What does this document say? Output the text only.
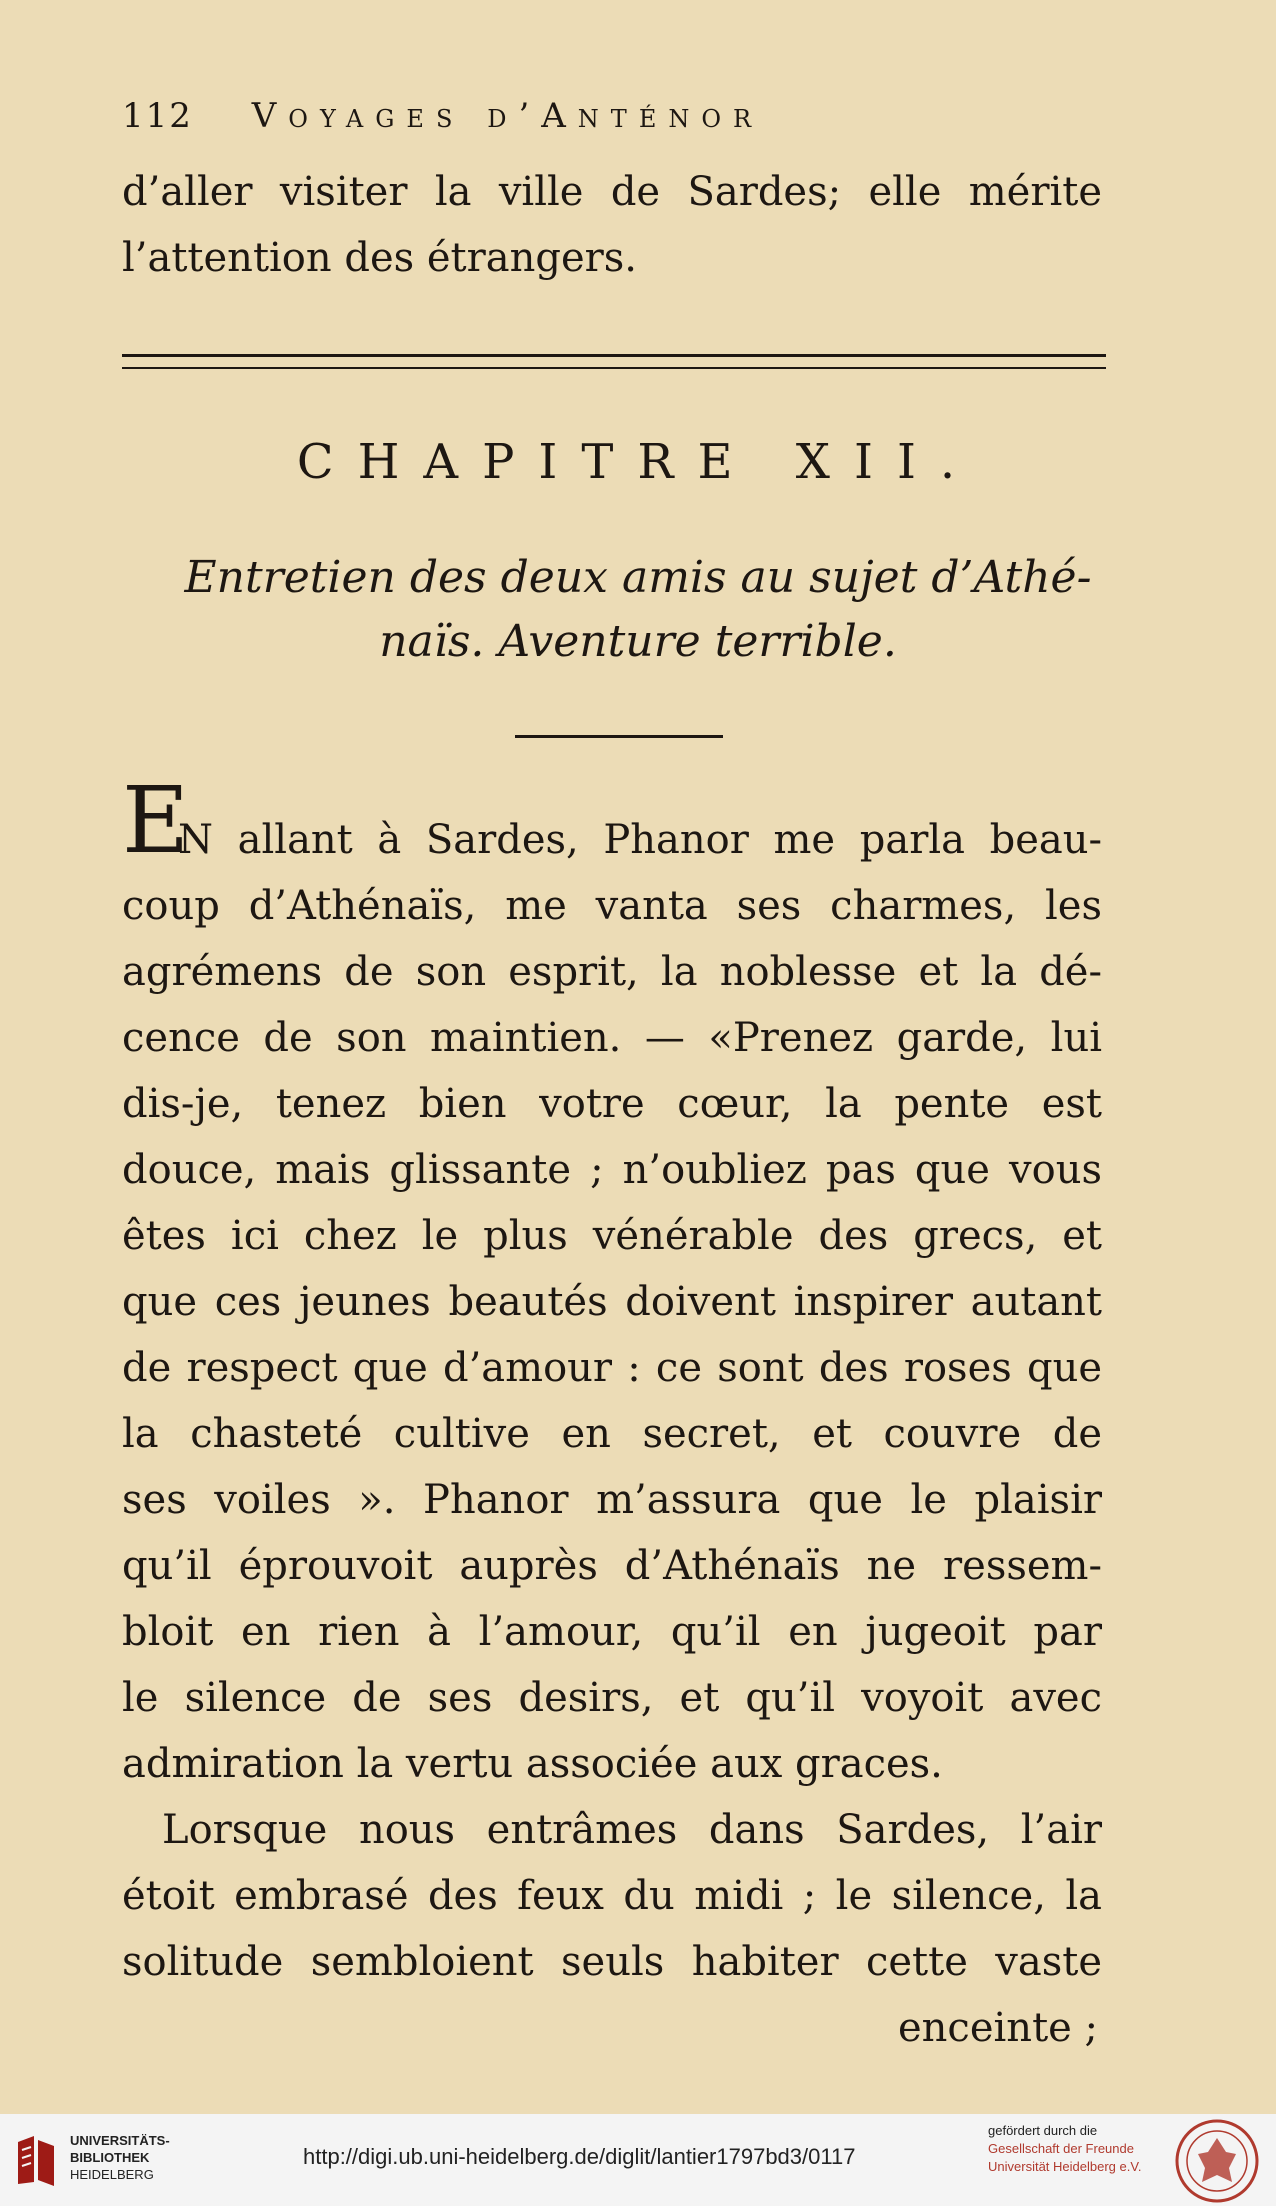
112 Voyages d’Anténor
d’aller visiter la ville de Sardes; elle mérite
l’attention des étrangers.
CHAPITRE XII.
Entretien des deux amis au sujet d’Athé-
naïs. Aventure terrible.
E
N allant à Sardes, Phanor me parla beau-
coup d’Athénaïs, me vanta ses charmes, les
agrémens de son esprit, la noblesse et la dé-
cence de son maintien. — «Prenez garde, lui
dis-je, tenez bien votre cœur, la pente est
douce, mais glissante ; n’oubliez pas que vous
êtes ici chez le plus vénérable des grecs, et
que ces jeunes beautés doivent inspirer autant
de respect que d’amour : ce sont des roses que
la chasteté cultive en secret, et couvre de
ses voiles ». Phanor m’assura que le plaisir
qu’il éprouvoit auprès d’Athénaïs ne ressem-
bloit en rien à l’amour, qu’il en jugeoit par
le silence de ses desirs, et qu’il voyoit avec
admiration la vertu associée aux graces.
Lorsque nous entrâmes dans Sardes, l’air
étoit embrasé des feux du midi ; le silence, la
solitude sembloient seuls habiter cette vaste
enceinte ;
UNIVERSITÄTS-
BIBLIOTHEK
HEIDELBERG
http://digi.ub.uni-heidelberg.de/diglit/lantier1797bd3/0117
gefördert durch die
Gesellschaft der Freunde
Universität Heidelberg e.V.
